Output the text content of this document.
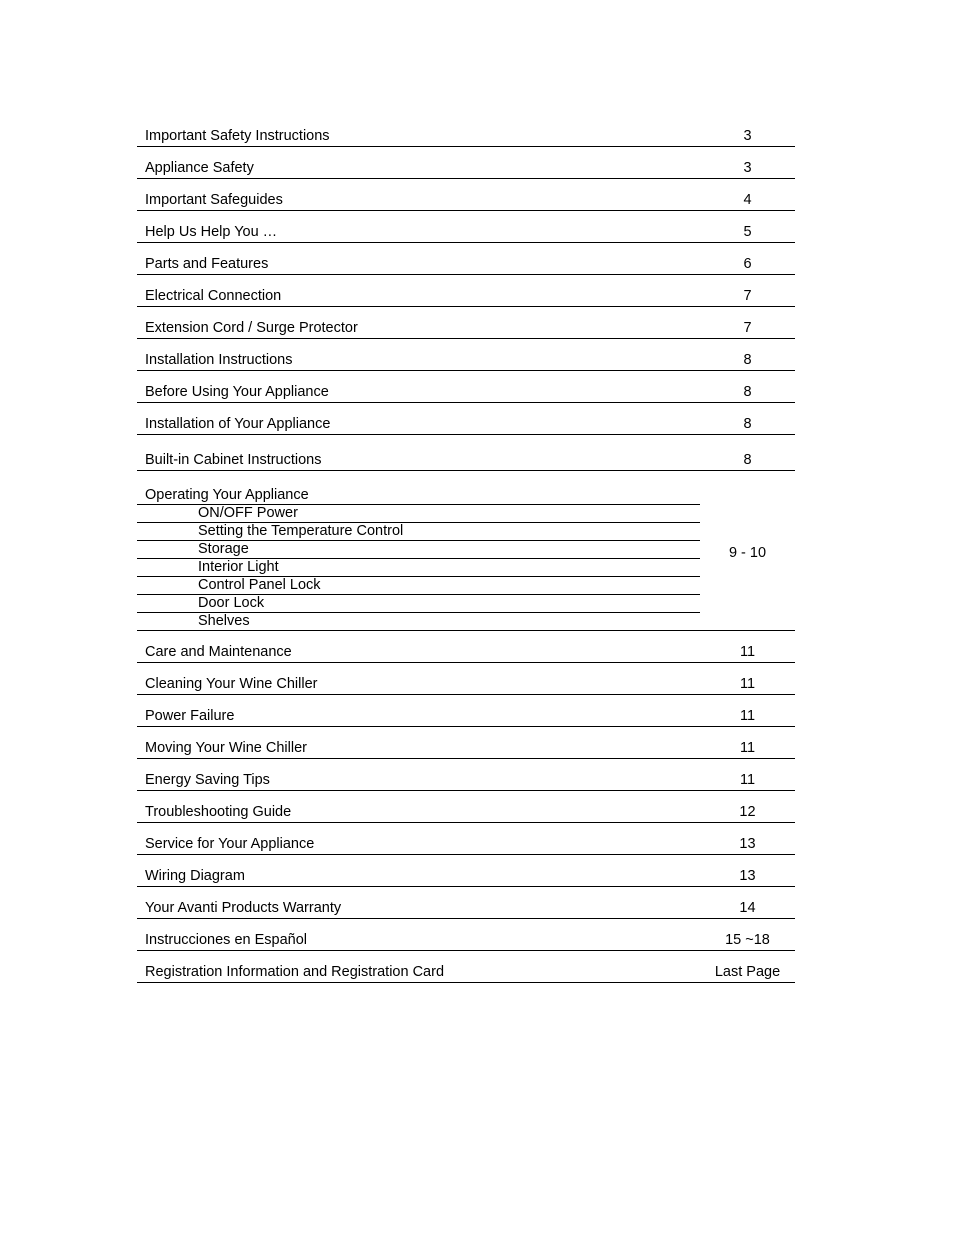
Important Safety Instructions	3
Appliance Safety	3
Important Safeguides	4
Help Us Help You …	5
Parts and Features	6
Electrical Connection	7
Extension Cord / Surge Protector	7
Installation Instructions	8
Before Using Your Appliance	8
Installation of Your Appliance	8
Built-in Cabinet Instructions	8
Operating Your Appliance	9 - 10
ON/OFF Power	
Setting the Temperature Control	
Storage	
Interior Light	
Control Panel Lock	
Door Lock	
Shelves	
Care and Maintenance	11
Cleaning Your Wine Chiller	11
Power Failure	11
Moving Your Wine Chiller	11
Energy Saving Tips	11
Troubleshooting Guide	12
Service for Your Appliance	13
Wiring Diagram	13
Your Avanti Products Warranty	14
Instrucciones en Español	15 ~18
Registration Information and Registration Card	Last Page
